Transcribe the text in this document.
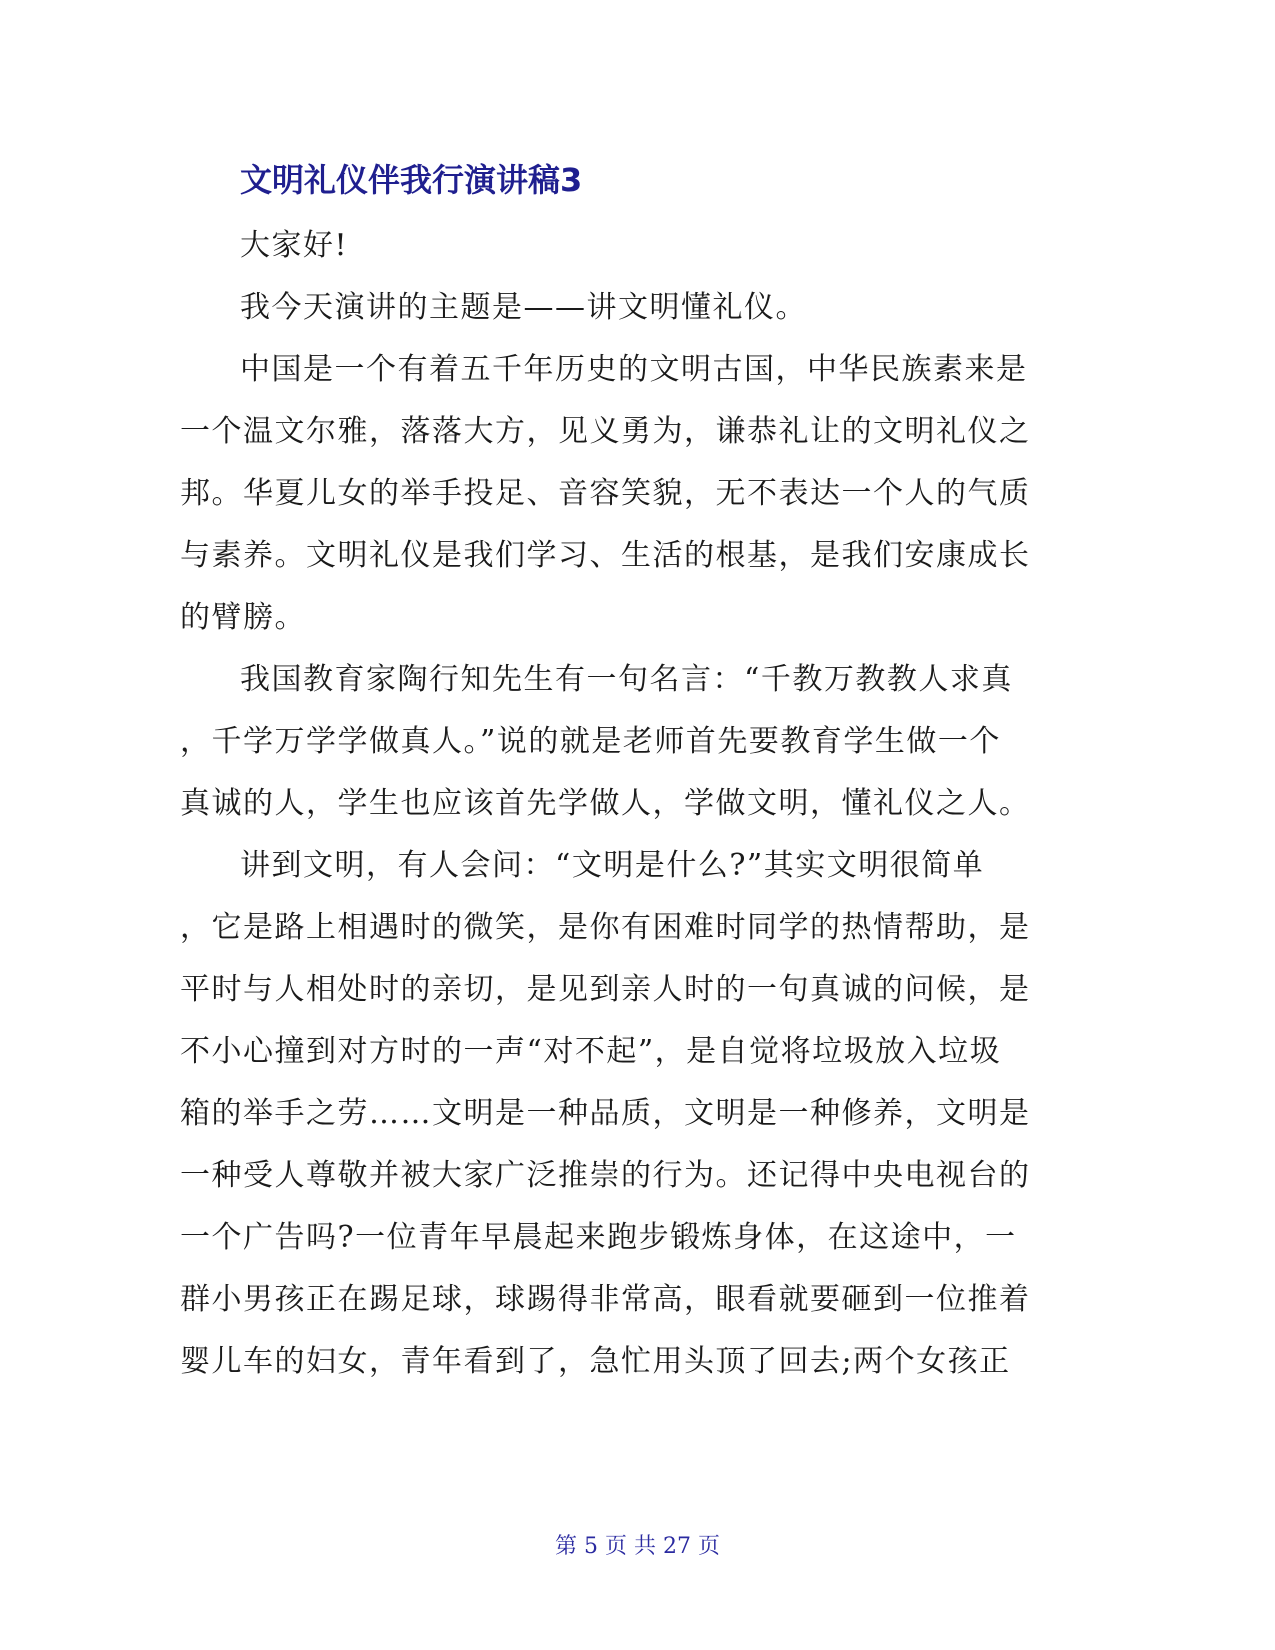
文明礼仪伴我行演讲稿3
大家好!
我今天演讲的主题是——讲文明懂礼仪。
中国是一个有着五千年历史的文明古国，中华民族素来是
一个温文尔雅，落落大方，见义勇为，谦恭礼让的文明礼仪之
邦。华夏儿女的举手投足、音容笑貌，无不表达一个人的气质
与素养。文明礼仪是我们学习、生活的根基，是我们安康成长
的臂膀。
我国教育家陶行知先生有一句名言：“千教万教教人求真
，千学万学学做真人。”说的就是老师首先要教育学生做一个
真诚的人，学生也应该首先学做人，学做文明，懂礼仪之人。
讲到文明，有人会问：“文明是什么?”其实文明很简单
，它是路上相遇时的微笑，是你有困难时同学的热情帮助，是
平时与人相处时的亲切，是见到亲人时的一句真诚的问候，是
不小心撞到对方时的一声“对不起”，是自觉将垃圾放入垃圾
箱的举手之劳……文明是一种品质，文明是一种修养，文明是
一种受人尊敬并被大家广泛推崇的行为。还记得中央电视台的
一个广告吗?一位青年早晨起来跑步锻炼身体，在这途中，一
群小男孩正在踢足球，球踢得非常高，眼看就要砸到一位推着
婴儿车的妇女，青年看到了，急忙用头顶了回去;两个女孩正
第 5 页 共 27 页
